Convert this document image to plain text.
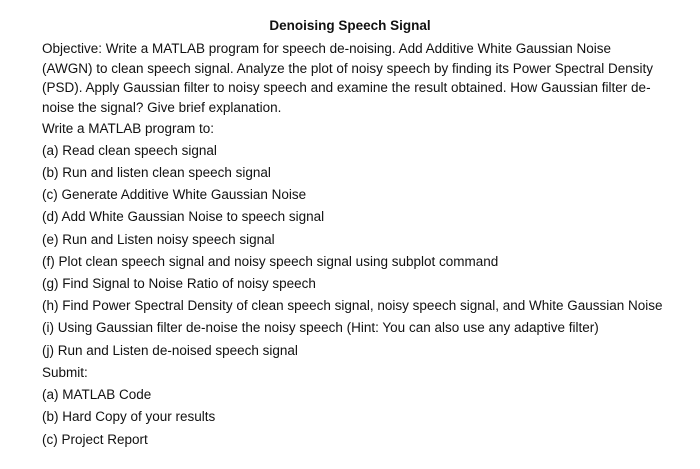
Denoising Speech Signal
Objective: Write a MATLAB program for speech de-noising. Add Additive White Gaussian Noise
(AWGN) to clean speech signal. Analyze the plot of noisy speech by finding its Power Spectral Density
(PSD). Apply Gaussian filter to noisy speech and examine the result obtained. How Gaussian filter de-
noise the signal? Give brief explanation.
Write a MATLAB program to:
(a) Read clean speech signal
(b) Run and listen clean speech signal
(c) Generate Additive White Gaussian Noise
(d) Add White Gaussian Noise to speech signal
(e) Run and Listen noisy speech signal
(f) Plot clean speech signal and noisy speech signal using subplot command
(g) Find Signal to Noise Ratio of noisy speech
(h) Find Power Spectral Density of clean speech signal, noisy speech signal, and White Gaussian Noise
(i) Using Gaussian filter de-noise the noisy speech (Hint: You can also use any adaptive filter)
(j) Run and Listen de-noised speech signal
Submit:
(a) MATLAB Code
(b) Hard Copy of your results
(c) Project Report
